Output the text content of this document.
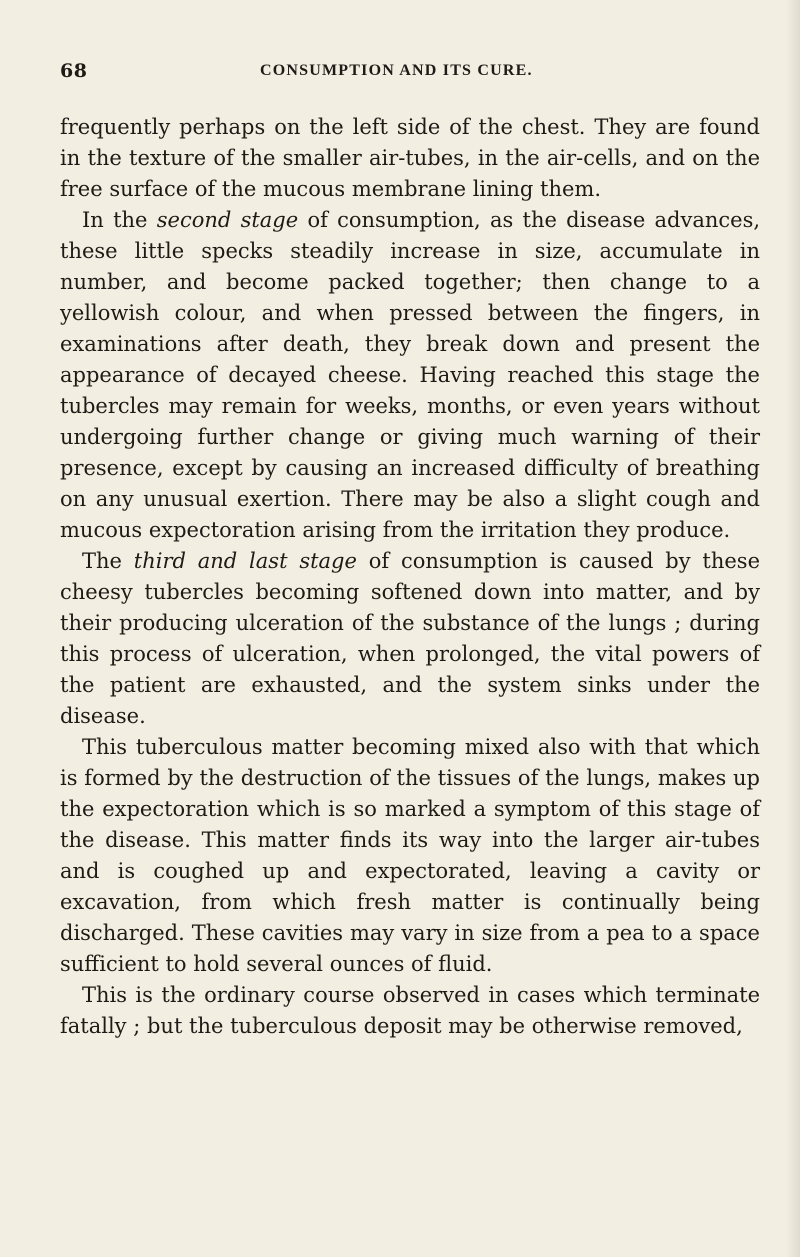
68	CONSUMPTION AND ITS CURE.

frequently perhaps on the left side of the chest. They are found in the texture of the smaller air-tubes, in the air-cells, and on the free surface of the mucous membrane lining them.

In the second stage of consumption, as the disease advances, these little specks steadily increase in size, accumulate in number, and become packed together; then change to a yellowish colour, and when pressed between the fingers, in examinations after death, they break down and present the appearance of decayed cheese. Having reached this stage the tubercles may remain for weeks, months, or even years without undergoing further change or giving much warning of their presence, except by causing an increased difficulty of breathing on any unusual exertion. There may be also a slight cough and mucous expectoration arising from the irritation they produce.

The third and last stage of consumption is caused by these cheesy tubercles becoming softened down into matter, and by their producing ulceration of the substance of the lungs ; during this process of ulceration, when prolonged, the vital powers of the patient are exhausted, and the system sinks under the disease.

This tuberculous matter becoming mixed also with that which is formed by the destruction of the tissues of the lungs, makes up the expectoration which is so marked a symptom of this stage of the disease. This matter finds its way into the larger air-tubes and is coughed up and expectorated, leaving a cavity or excavation, from which fresh matter is continually being discharged. These cavities may vary in size from a pea to a space sufficient to hold several ounces of fluid.

This is the ordinary course observed in cases which terminate fatally ; but the tuberculous deposit may be otherwise removed,
